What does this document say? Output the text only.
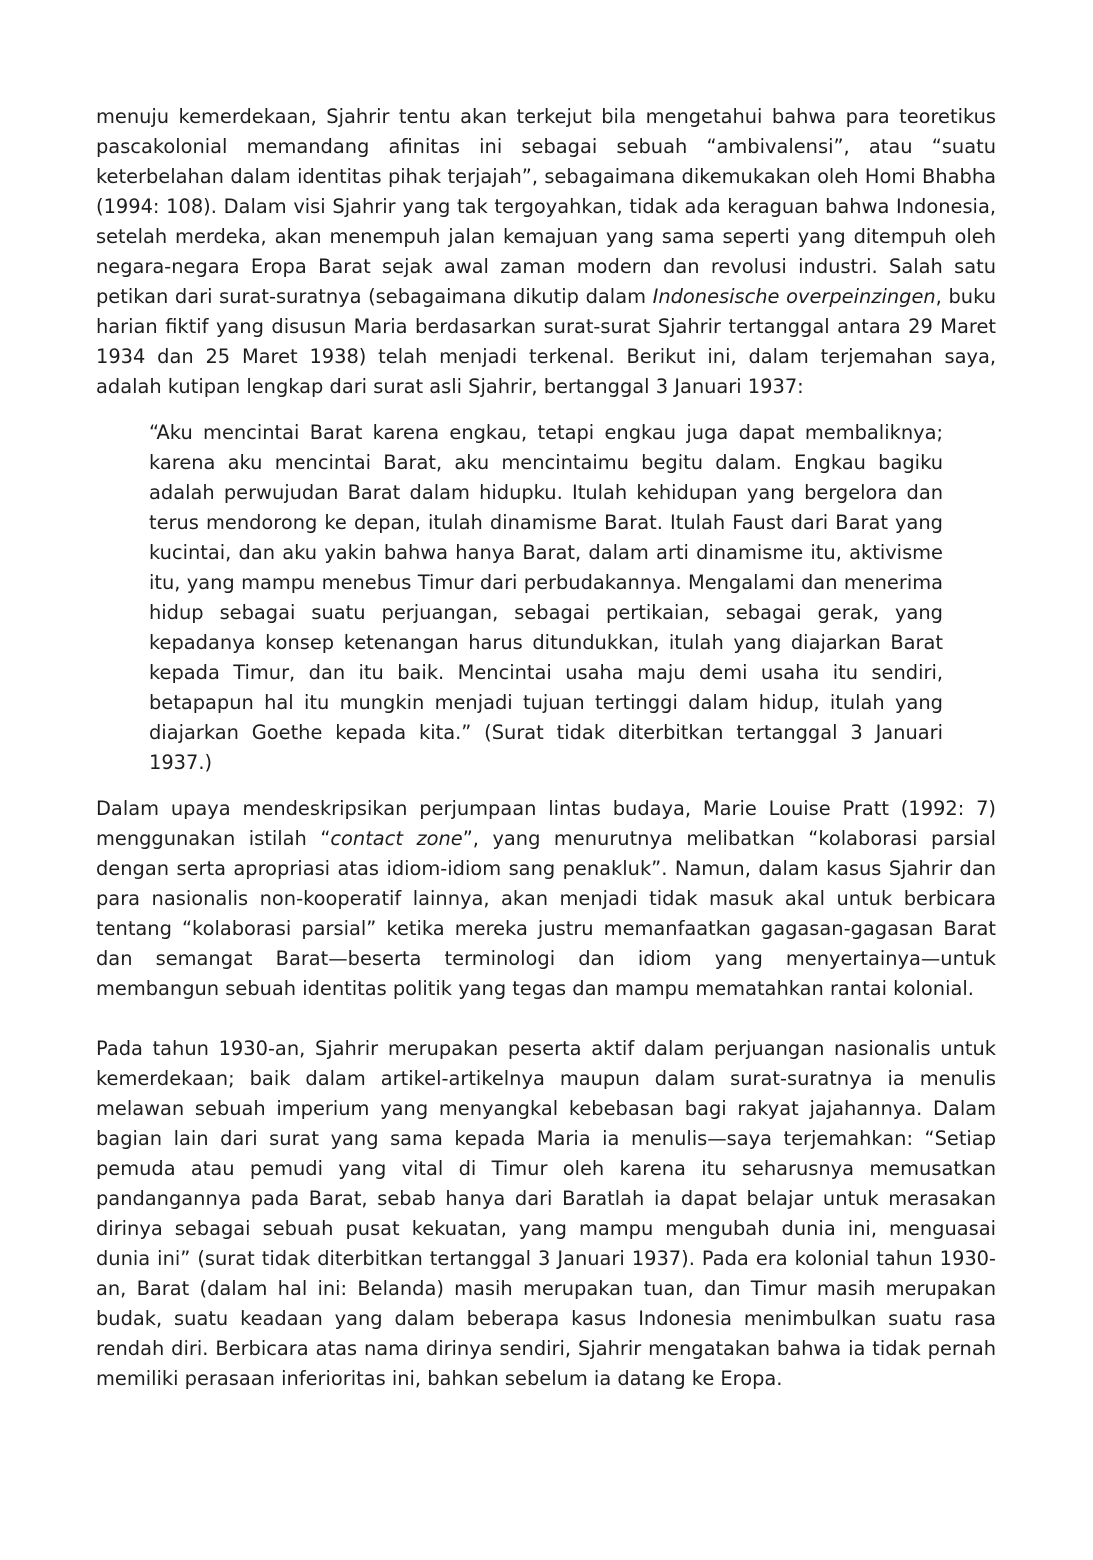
menuju kemerdekaan, Sjahrir tentu akan terkejut bila mengetahui bahwa para teoretikus pascakolonial memandang afinitas ini sebagai sebuah “ambivalensi”, atau “suatu keterbelahan dalam identitas pihak terjajah”, sebagaimana dikemukakan oleh Homi Bhabha (1994: 108). Dalam visi Sjahrir yang tak tergoyahkan, tidak ada keraguan bahwa Indonesia, setelah merdeka, akan menempuh jalan kemajuan yang sama seperti yang ditempuh oleh negara-negara Eropa Barat sejak awal zaman modern dan revolusi industri. Salah satu petikan dari surat-suratnya (sebagaimana dikutip dalam Indonesische overpeinzingen, buku harian fiktif yang disusun Maria berdasarkan surat-surat Sjahrir tertanggal antara 29 Maret 1934 dan 25 Maret 1938) telah menjadi terkenal. Berikut ini, dalam terjemahan saya, adalah kutipan lengkap dari surat asli Sjahrir, bertanggal 3 Januari 1937:

“Aku mencintai Barat karena engkau, tetapi engkau juga dapat membaliknya; karena aku mencintai Barat, aku mencintaimu begitu dalam. Engkau bagiku adalah perwujudan Barat dalam hidupku. Itulah kehidupan yang bergelora dan terus mendorong ke depan, itulah dinamisme Barat. Itulah Faust dari Barat yang kucintai, dan aku yakin bahwa hanya Barat, dalam arti dinamisme itu, aktivisme itu, yang mampu menebus Timur dari perbudakannya. Mengalami dan menerima hidup sebagai suatu perjuangan, sebagai pertikaian, sebagai gerak, yang kepadanya konsep ketenangan harus ditundukkan, itulah yang diajarkan Barat kepada Timur, dan itu baik. Mencintai usaha maju demi usaha itu sendiri, betapapun hal itu mungkin menjadi tujuan tertinggi dalam hidup, itulah yang diajarkan Goethe kepada kita.” (Surat tidak diterbitkan tertanggal 3 Januari 1937.)

Dalam upaya mendeskripsikan perjumpaan lintas budaya, Marie Louise Pratt (1992: 7) menggunakan istilah “contact zone”, yang menurutnya melibatkan “kolaborasi parsial dengan serta apropriasi atas idiom-idiom sang penakluk”. Namun, dalam kasus Sjahrir dan para nasionalis non-kooperatif lainnya, akan menjadi tidak masuk akal untuk berbicara tentang “kolaborasi parsial” ketika mereka justru memanfaatkan gagasan-gagasan Barat dan semangat Barat—beserta terminologi dan idiom yang menyertainya—untuk membangun sebuah identitas politik yang tegas dan mampu mematahkan rantai kolonial.

Pada tahun 1930-an, Sjahrir merupakan peserta aktif dalam perjuangan nasionalis untuk kemerdekaan; baik dalam artikel-artikelnya maupun dalam surat-suratnya ia menulis melawan sebuah imperium yang menyangkal kebebasan bagi rakyat jajahannya. Dalam bagian lain dari surat yang sama kepada Maria ia menulis—saya terjemahkan: “Setiap pemuda atau pemudi yang vital di Timur oleh karena itu seharusnya memusatkan pandangannya pada Barat, sebab hanya dari Baratlah ia dapat belajar untuk merasakan dirinya sebagai sebuah pusat kekuatan, yang mampu mengubah dunia ini, menguasai dunia ini” (surat tidak diterbitkan tertanggal 3 Januari 1937). Pada era kolonial tahun 1930-an, Barat (dalam hal ini: Belanda) masih merupakan tuan, dan Timur masih merupakan budak, suatu keadaan yang dalam beberapa kasus Indonesia menimbulkan suatu rasa rendah diri. Berbicara atas nama dirinya sendiri, Sjahrir mengatakan bahwa ia tidak pernah memiliki perasaan inferioritas ini, bahkan sebelum ia datang ke Eropa.
